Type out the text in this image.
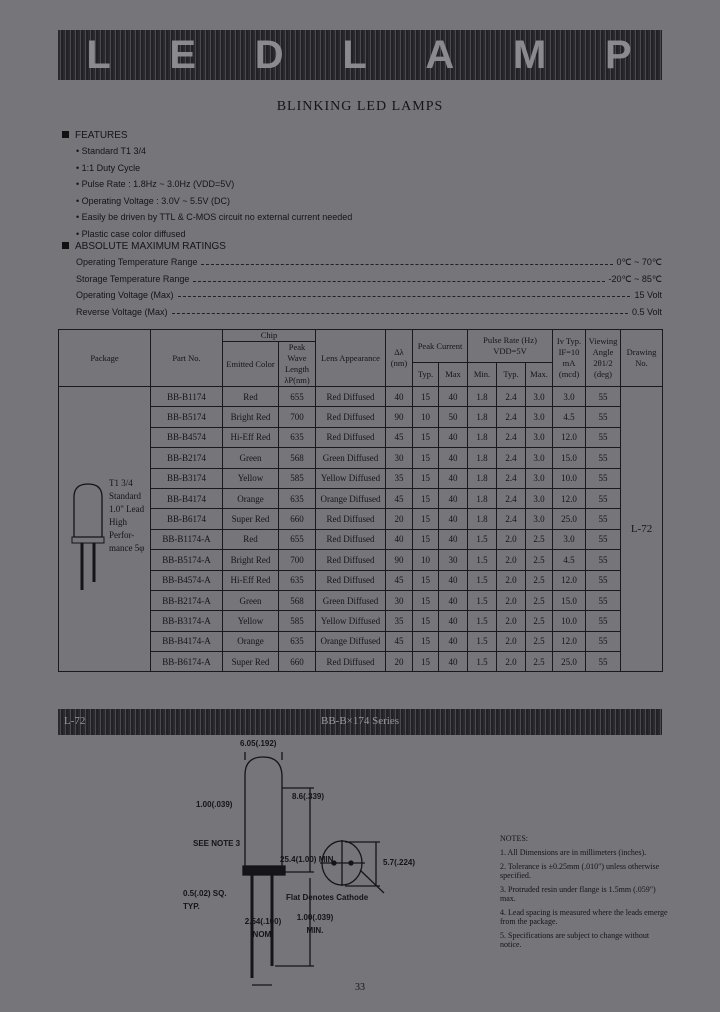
L E D L A M P
BLINKING LED LAMPS
FEATURES
• Standard T1 3/4
• 1:1 Duty Cycle
• Pulse Rate : 1.8Hz ~ 3.0Hz (VDD=5V)
• Operating Voltage : 3.0V ~ 5.5V (DC)
• Easily be driven by TTL & C-MOS circuit no external current needed
• Plastic case color diffused
Operating Temperature Range	0℃ ~ 70℃
Storage Temperature Range	-20℃ ~ 85℃
Operating Voltage (Max)	15 Volt
Reverse Voltage (Max)	0.5 Volt
ABSOLUTE MAXIMUM RATINGS
Package	Part No.	Chip		Lens Appearance	Δλ (nm)	Peak Current		Pulse Rate (Hz) VDD=5V			Iv Typ. IF=10 mA (mcd)	Viewing Angle 2θ1/2 (deg)	Drawing No.
		Emitted Color	Peak Wave Length λP(nm)										
						Typ.	Max	Min.	Typ.	Max.			

T1 3/4 Standard 1.0" Lead High Perfor-mance 5φ	BB-B1174	Red	655	Red Diffused	40	15	40	1.8	2.4	3.0	3.0	55	L-72
	BB-B5174	Bright Red	700	Red Diffused	90	10	50	1.8	2.4	3.0	4.5	55	
	BB-B4574	Hi-Eff Red	635	Red Diffused	45	15	40	1.8	2.4	3.0	12.0	55	
	BB-B2174	Green	568	Green Diffused	30	15	40	1.8	2.4	3.0	15.0	55	
	BB-B3174	Yellow	585	Yellow Diffused	35	15	40	1.8	2.4	3.0	10.0	55	
	BB-B4174	Orange	635	Orange Diffused	45	15	40	1.8	2.4	3.0	12.0	55	
	BB-B6174	Super Red	660	Red Diffused	20	15	40	1.8	2.4	3.0	25.0	55	
	BB-B1174-A	Red	655	Red Diffused	40	15	40	1.5	2.0	2.5	3.0	55	
	BB-B5174-A	Bright Red	700	Red Diffused	90	10	30	1.5	2.0	2.5	4.5	55	
	BB-B4574-A	Hi-Eff Red	635	Red Diffused	45	15	40	1.5	2.0	2.5	12.0	55	
	BB-B2174-A	Green	568	Green Diffused	30	15	40	1.5	2.0	2.5	15.0	55	
	BB-B3174-A	Yellow	585	Yellow Diffused	35	15	40	1.5	2.0	2.5	10.0	55	
	BB-B4174-A	Orange	635	Orange Diffused	45	15	40	1.5	2.0	2.5	12.0	55	
	BB-B6174-A	Super Red	660	Red Diffused	20	15	40	1.5	2.0	2.5	25.0	55	
L-72	BB-B×174 Series
6.05(.192)
8.6(.339)
1.00(.039)
SEE NOTE 3
25.4(1.00) MIN.
0.5(.02) SQ. TYP.
2.54(.100) NOM.
1.00(.039) MIN.
5.7(.224)
Flat Denotes Cathode
NOTES:
1. All Dimensions are in millimeters (inches).
2. Tolerance is ±0.25mm (.010") unless otherwise specified.
3. Protruded resin under flange is 1.5mm (.059") max.
4. Lead spacing is measured where the leads emerge from the package.
5. Specifications are subject to change without notice.
33
